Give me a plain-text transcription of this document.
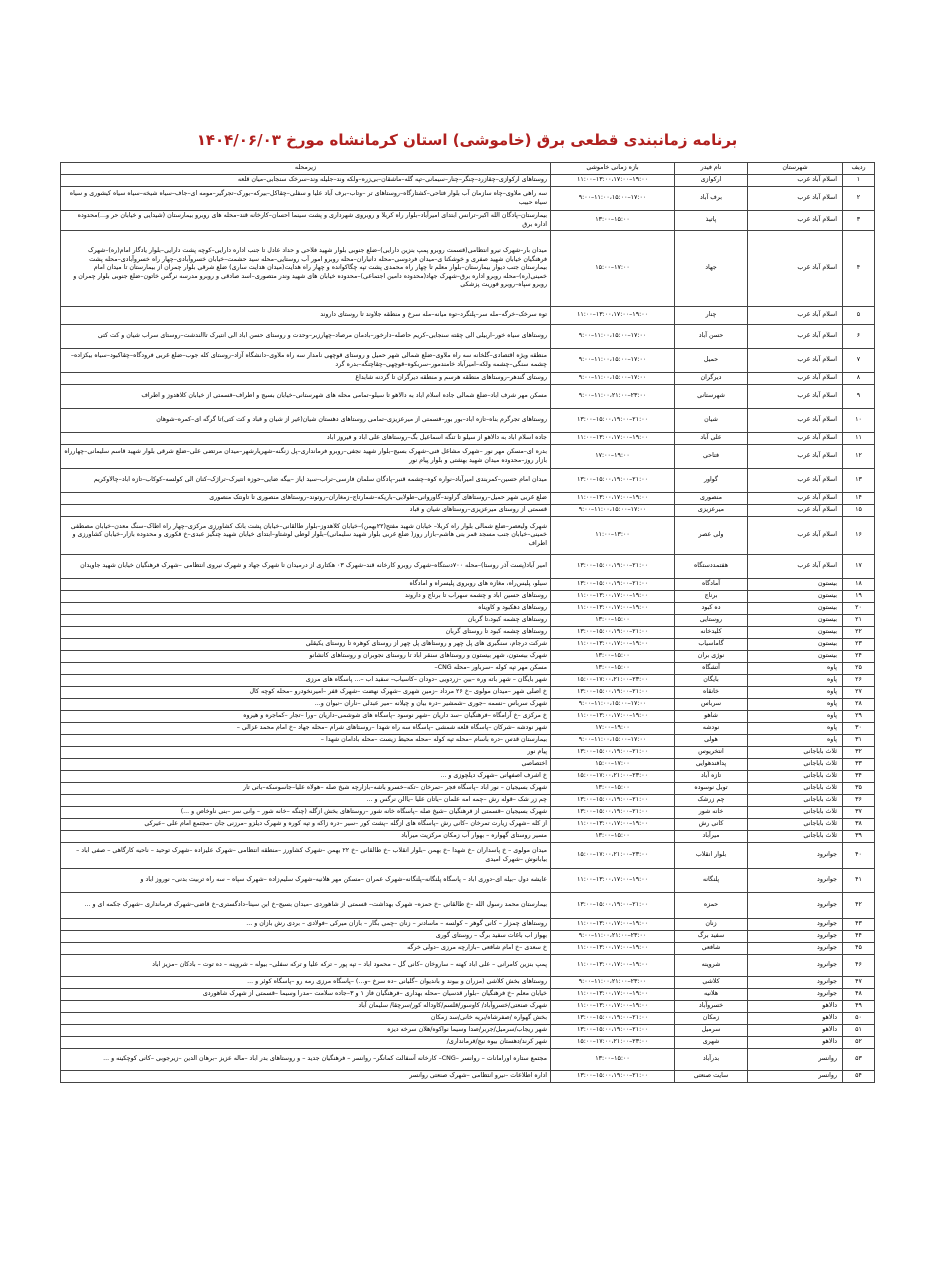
برنامه زمانبندی قطعی برق (خاموشی) استان کرمانشاه مورخ ۱۴۰۴/۰۶/۰۳
ردیف	شهرستان	نام فیدر	بازه زمانی خاموشی	زیرمحله
۱	اسلام آباد غرب	ارکوازی	۱۱:۰۰–۱۳:۰۰،۱۷:۰۰–۱۹:۰۰	روستاهای ارکوازی–چقازرد–چنگر–چنار–سیمانی–تپه گله–ماشقان–بی‌زره–ولکه وند–جلیله وند–سرخک سنجابی–میان قلعه
۲	اسلام آباد غرب	برف آباد	۹:۰۰–۱۱:۰۰،۱۵:۰۰–۱۷:۰۰	سه راهی ملاوی–چاه سازمان آب بلوار فتاحی–کشتارگاه–روستاهای تر –وتاب–برف آباد علیا و سفلی–چقاکل–بیرکه–بورک–تجرگیر–مومه ای–جاف–سیاه شیخه–سیاه سیاه کیشوری و سیاه سیاه حبیب
۳	اسلام آباد غرب	پاتیذ	۱۳:۰۰–۱۵:۰۰	بیمارستان–پادگان الله اکبر–ترانس ابتدای امیرآباد–بلوار راه کربلا و روبروی شهرداری و پشت سینما احسان–کارخانه قند–محله های روبرو بیمارستان (شیدایی و خیابان حر و...)محدوده اداره برق
۴	اسلام آباد غرب	جهاد	۱۵:۰۰–۱۷:۰۰	میدان بار–شهرک نیرو انتظامی(قسمت روبرو پمپ بنزین دارایی)–ضلع جنوبی بلوار شهید فلاحی و حداد عادل تا جنب اداره دارایی–کوچه پشت دارایی–بلوار یادگار امام(ره)–شهرک فرهنگیان خیابان شهید صفری و خوشکنا ی–میدان فردوسی–محله دانیاران–محله روبرو امور آب روستایی–محله سید حشمت–خیابان خسروآبادی–چهار راه خسروآبادی–محله پشت بیمارستان جنب دیوار بیمارستان–بلوار معلم تا چهار راه محمدی پشت تپه چگاکوانده و چهار راه هدایت(میدان هدایت ساری) ضلع شرقی بلوار چمران از بیمارستان تا میدان امام خمینی(ره)–محله روبرو اداره برق–شهرک جهاد(محدوده دامین اجتماعی)–محدوده خیابان های شهید وندر متصوری–اسد صادقی و روبرو مدرسه نرگس خاتون–ضلع جنوبی بلوار چمران و روبرو سپاه–روبرو فوریت پزشکی
۵	اسلام آباد غرب	چنار	۱۱:۰۰–۱۳:۰۰،۱۷:۰۰–۱۹:۰۰	توه سرخک–خرگه–مله سر–پلنگرد–توه میانه–مله سرخ و منطقه جلاوند تا روستای داروند
۶	اسلام آباد غرب	حسن آباد	۹:۰۰–۱۱:۰۰،۱۵:۰۰–۱۷:۰۰	روستاهای سیاه خور–اربیلی الی چقته سنجابی–کریم حاصله–دارخور–بادمان مرصاد–چهارزبر–وحدت و روستای حسن اباد الی انتیرک تاالندشت–روستای سراب شیان و کت کتی
۷	اسلام آباد غرب	حمیل	۹:۰۰–۱۱:۰۰،۱۵:۰۰–۱۷:۰۰	منطقه ویژه اقتصادی–گلخانه سه راه ملاوی–ضلع شمالی شهر حمیل و روستای قوچهی نامدار سه راه ملاوی–دانشگاه آزاد–روستای کله جوب–ضلع غربی فرودگاه–چقاکبود–سیاه بیکزاده–چشمه سنگی–چشمه ولکه–امیرآباد خامندمور–سربکوه–قوچهی–چقاچنگه–بدره گرد
۸	اسلام آباد غرب	دیرگران	۹:۰۰–۱۱:۰۰،۱۵:۰۰–۱۷:۰۰	روستای گندهر–روستاهای منطقه هرسم و منطقه دیرگران تا گردنه شابداغ
۹	اسلام آباد غرب	شهرستانی	۹:۰۰–۱۱:۰۰،۲۱:۰۰–۲۳:۰۰	مسکن مهر شرف اباد–ضلع شمالی جاده اسلام اباد به دالاهو تا سیلو–تمامی محله های شهرستانی–خیابان بسیج و اطراف–قسمتی از خیابان کلاهدوز و اطراف
۱۰	اسلام آباد غرب	شیان	۱۳:۰۰–۱۵:۰۰،۱۹:۰۰–۲۱:۰۰	روستاهای تجرگرم بناه–تازه اباد–بور بور–قسمتی از میرعزیزی–تمامی روستاهای دهستان شیان(غیر از شیان و قباد و کت کتی)تا گرگه ای–کمره–شوهان
۱۱	اسلام آباد غرب	علی آباد	۱۱:۰۰–۱۳:۰۰،۱۷:۰۰–۱۹:۰۰	جاده اسلام اباد به دالاهو از سیلو تا تنگه اسماعیل بگ–روستاهای علی اباد و فیروز اباد
۱۲	اسلام آباد غرب	فتاحی	۱۷:۰۰–۱۹:۰۰	بدره ای–مسکن مهر نور –شهرک مشاغل فنی–شهرک بسیج–بلوار شهید نجفی–روبرو فرمانداری–پل زنگنه–شهریارشهر–میدان مرتضی علی–ضلع شرقی بلوار شهید قاسم سلیمانی–چهارراه بازار روز–محدوده میدان شهید بهشتی و بلوار پیام نور
۱۳	اسلام آباد غرب	گواور	۱۳:۰۰–۱۵:۰۰،۱۹:۰۰–۲۱:۰۰	میدان امام حسین–کمربندی امیرآباد–نواره کوه–چشمه قنبر–پادگان سلمان فارسی–تراب–سید ایاز –بیگه ضایی–حوزه انتیرک–تراژک–کنان الی کولسه–کوکاب–تازه اباد–چالاوکریم
۱۴	اسلام آباد غرب	منصوری	۱۱:۰۰–۱۳:۰۰،۱۷:۰۰–۱۹:۰۰	ضلع غربی شهر حمیل–روستاهای گراوند–گاوروانی–طولابی–باریکه–شمارتاج–زمغاران–روتوند–روستاهای منصوری تا تاونتک منصوری
۱۵	اسلام آباد غرب	میرعزیزی	۹:۰۰–۱۱:۰۰،۱۵:۰۰–۱۷:۰۰	قسمتی از روستای میرعزیزی–روستاهای شیان و قباد
۱۶	اسلام آباد غرب	ولی عصر	۱۱:۰۰–۱۳:۰۰	شهرک ولیعصر–ضلع شمالی بلوار راه کربلا– خیابان شهید مفتح(۲۲بهمن)–خیابان کلاهدوز–بلوار طالقانی–خیابان پشت بانک کشاورزی مرکزی–چهار راه اطاک–سنگ معدن–خیابان مصطفی خمینی–خیابان جنب مسجد قمر بنی هاشم–بازار روز( ضلع غربی بلوار شهید سلیمانی)–بلوار لوطی لوشتاو–ابتدای خیابان شهید چنگیز عبدی–خ فکوری و محدوده بازار–خیابان کشاورزی و اطراف
۱۷	اسلام آباد غرب	هفتمددستگاه	۱۳:۰۰–۱۵:۰۰،۱۹:۰۰–۲۱:۰۰	امیر آباد(پست آذر روستا)–محله ۷۰۰دستگاه–شهرک روبرو کارخانه قند–شهرک ۰۳ هکتاری از درمیدان تا شهرک جهاد و شهرک نیروی انتظامی –شهرک فرهنگیان خیابان شهید جاویدان
۱۸	بیستون	آمادگاه	۱۳:۰۰–۱۵:۰۰،۱۹:۰۰–۲۱:۰۰	سیلو، پلیس‌راه، مغازه های روبروی پلیسراه و امادگاه
۱۹	بیستون	برناج	۱۱:۰۰–۱۳:۰۰،۱۷:۰۰–۱۹:۰۰	روستاهای حسین اباد و چشمه سهراب تا برناج و داروند
۲۰	بیستون	ده کبود	۱۱:۰۰–۱۳:۰۰،۱۷:۰۰–۱۹:۰۰	روستاهای دهکبود و کاویناه
۲۱	بیستون	روستایی	۱۳:۰۰–۱۵:۰۰	روستاهای چشمه کبود،تا گربان
۲۲	بیستون	کلیدخانه	۱۳:۰۰–۱۵:۰۰،۱۹:۰۰–۲۱:۰۰	روستاهای چشمه کبود تا روستای گربان
۲۳	بیستون	گاماسیاب	۱۱:۰۰–۱۳:۰۰،۱۷:۰۰–۱۹:۰۰	شرکت درجام، سنگبری های پل چهر و روستاهای پل چهر از روستای کوهره تا روستای یکیقلی
۲۴	بیستون	نوژی بران	۱۳:۰۰–۱۵:۰۰	شهرک بیستون، شهر بیستون و روستاهای سنقر اباد تا روستای نجوبران و روستاهای کانشانو
۲۵	پاوه	آتشگاه	۱۳:۰۰–۱۵:۰۰	مسکن مهر تپه کوله –سرباور –محله CNG–
۲۶	پاوه	بایگان	۱۵:۰۰–۱۷:۰۰،۲۱:۰۰–۲۳:۰۰	شهر بایگان – شهر باته وره –بین –زردویی –دودان –کاسیاب– سفید اب –... پاسگاه های مرزی
۲۷	پاوه	خانقاه	۱۳:۰۰–۱۵:۰۰،۱۹:۰۰–۲۱:۰۰	خ اصلی شهر –میدان مولوی –خ ۲۶ مرداد –زمین شهری –شهرک نهضت –شهرک قفر –امیرنخودرو –محله کوچه کال
۲۸	پاوه	سرباس	۹:۰۰–۱۱:۰۰،۱۵:۰۰–۱۷:۰۰	شهرک سرباس –نسمه –جوری –شمشیر –دره بیان و چیلانه –میر عبدلی –ناران –نیوان و...
۲۹	پاوه	شاهو	۱۱:۰۰–۱۳:۰۰،۱۷:۰۰–۱۹:۰۰	خ مرکزی –خ آرامگاه –فرهنگیان –سد داریان –شهر نوسود –پاسگاه های شوشمی–داریان –ورا –تجار –کماجره و هیروه
۳۰	پاوه	نودشه	۱۷:۰۰–۱۹:۰۰	شهر نودشه –شرکان –پاسگاه قلعه شمشی –پاسگاه سه راه شهدا –روستاهای شرام –محله جهاد –خ امام محمد غزالی –
۳۱	پاوه	هولی	۹:۰۰–۱۱:۰۰،۱۵:۰۰–۱۷:۰۰	بیمارستان قدس –دره باسام –محله تپه کوله –محله محیط زیست –محله بادامان شهدا –
۳۲	ثلاث باباجانی	انتخریوس	۱۳:۰۰–۱۵:۰۰،۱۹:۰۰–۲۱:۰۰	پیام نور
۳۳	ثلاث باباجانی	پدافندهوایی	۱۵:۰۰–۱۷:۰۰	اختصاصی
۳۴	ثلاث باباجانی	تازه آباد	۱۵:۰۰–۱۷:۰۰،۲۱:۰۰–۲۳:۰۰	خ اشرف اصفهانی –شهرک دیلچوزی و ...
۳۵	ثلاث باباجانی	توبل نوسوده	۱۳:۰۰–۱۵:۰۰	شهرک بسیجیان – نور اباد –پاسگاه فجر –تمرخان –تکه–خسرو باشه–بازارچه شیخ صله –هولاه علیا–جاسوسکه–باتی تار
۳۶	ثلاث باباجانی	چم زرشک	۱۳:۰۰–۱۵:۰۰،۱۹:۰۰–۲۱:۰۰	چم زر شک –قوله رش –چمه امه علمان –یاتان علیا –یاالن نرگس و ...
۳۷	ثلاث باباجانی	خانه شور	۱۳:۰۰–۱۵:۰۰،۱۹:۰۰–۲۱:۰۰	شهرک بسیجیان –قسمتی از فرهنگیان –شیخ صله –پاسگاه خانه شور –روستاهای بخش ازگله (چنگه –خانه شور – وانی سر –بنی ناوخاص و ...)
۳۸	ثلاث باباجانی	کانی رش	۱۱:۰۰–۱۳:۰۰،۱۷:۰۰–۱۹:۰۰	از کله –شهرک زیارت تمرخان –کانی رش –پاسگاه های ازگله –پشت کور –سیر –دره زاکه و تپه کوره و شهرک دیلزو –مرزنی جان –مجتمع امام علی –عیرکی
۳۹	ثلاث باباجانی	میرآباد	۱۳:۰۰–۱۵:۰۰	مسیر روستای گهواره – بهوار آب زمکان مرکزیت میرآباد
۴۰	جوانرود	بلوار انقلاب	۱۵:۰۰–۱۷:۰۰،۲۱:۰۰–۲۳:۰۰	میدان مولوی – خ پاسداران –خ شهدا –خ بهمن –بلوار انقلاب –خ طالقانی –خ ۲۲ بهمن –شهرک کشاورز –منطقه انتظامی –شهرک علیزاده –شهرک توحید – ناحیه کارگاهی – صفی اباد – بیابانوش –شهرک امیدی
۴۱	جوانرود	پلنگانه	۱۱:۰۰–۱۳:۰۰،۱۷:۰۰–۱۹:۰۰	عایشه دول –بیله ای–دوری اباد – پاسگاه پلنگانه–پلنگانه–شهرک عمران –مسکن مهر هلانیه–شهرک سلیم‌زاده –شهرک سپاه – سه راه تربیت بدنی– نوروز اباد و
۴۲	جوانرود	حمزه	۱۳:۰۰–۱۵:۰۰،۱۹:۰۰–۲۱:۰۰	بیمارستان محمد رسول الله –خ طالقانی –خ حمزه– شهرک بهداشت– قسمتی از شاهوردی –میدان بسیج–خ ابن سینا–دادگستری–خ قاضی–شهرک فرمانداری –شهرک جکمه ای و ...
۴۳	جوانرود	زنان	۱۱:۰۰–۱۳:۰۰،۱۷:۰۰–۱۹:۰۰	روستاهای چمزار – کانی گوهر – کولسه – ماسادنر – زنان –چمی بگار – بازان میرکی –فولادی – بردی رش بازان و ...
۴۴	جوانرود	سفید برگ	۹:۰۰–۱۱:۰۰،۲۱:۰۰–۲۳:۰۰	بهواز اب باغات سفید برگ – روستای گوری
۴۵	جوانرود	شافعی	۱۱:۰۰–۱۳:۰۰،۱۷:۰۰–۱۹:۰۰	خ سعدی –خ امام شافعی –بازارچه مرزی –دولی خرگه
۴۶	جوانرود	شروینه	۱۱:۰۰–۱۳:۰۰،۱۷:۰۰–۱۹:۰۰	پمپ بنزین کامرانی – علی اباد کهنه – ساروخان –کانی گل – محمود اباد – تپه پور – ترکه علیا و ترکه سفلی– بیوله – شروینه – ده توت – بادکان –مزیز اباد
۴۷	جوانرود	کلاشی	۹:۰۰–۱۱:۰۰،۲۱:۰۰–۲۳:۰۰	روستاهای بخش کلاشی (مزران و بیوند و باندیوان –گلیانی –ده سرخ –و...) –پاسگاه مرزی رمه رو –پاسگاه کوئر و ...
۴۸	جوانرود	هلانیه	۱۱:۰۰–۱۳:۰۰،۱۷:۰۰–۱۹:۰۰	خیابان معلم –خ فرهنگیان –بلوار قدسیان –محله بهداری –فرهنگیان فاز ۱ و ۳–جاده سلامت –مدرا وسیما –قسمتی از شهرک شاهوردی
۴۹	دالاهو	خسروآباد	۱۱:۰۰–۱۳:۰۰،۱۷:۰۰–۱۹:۰۰	شهرک صنعتی/خسروآباد/ کاوسور/قلسم/کاوداله کور/سرچقا/ سلیمان آباد
۵۰	دالاهو	زمکان	۱۳:۰۰–۱۵:۰۰،۱۹:۰۰–۲۱:۰۰	بخش گهواره /صفرشاه/بریه خانی/سد زمکان
۵۱	دالاهو	سرمیل	۱۳:۰۰–۱۵:۰۰،۱۹:۰۰–۲۱:۰۰	شهر ریجاب/سرمیل/جربر/صدا وسیما نواکوه/هلان سرخه دیزه
۵۲	دالاهو	شهری	۱۵:۰۰–۱۷:۰۰،۲۱:۰۰–۲۳:۰۰	شهر کرند/دهستان بیوه نیج/فرمانداری/
۵۳	روانسر	بدرآباد	۱۳:۰۰–۱۵:۰۰	مجتمع ستاره اورامانات – روانسر –CNG– کارخانه آسفالت کمانگر– روانسر – فرهنگیان جدید – و روستاهای بدر اباد –ماله عزیز –برهان الدین –زیرجوبی –کانی کوچکینه و ...
۵۴	روانسر	سایت صنعتی	۱۳:۰۰–۱۵:۰۰،۱۹:۰۰–۲۱:۰۰	اداره اطلاعات –نیرو انتظامی –شهرک صنعتی روانسر
